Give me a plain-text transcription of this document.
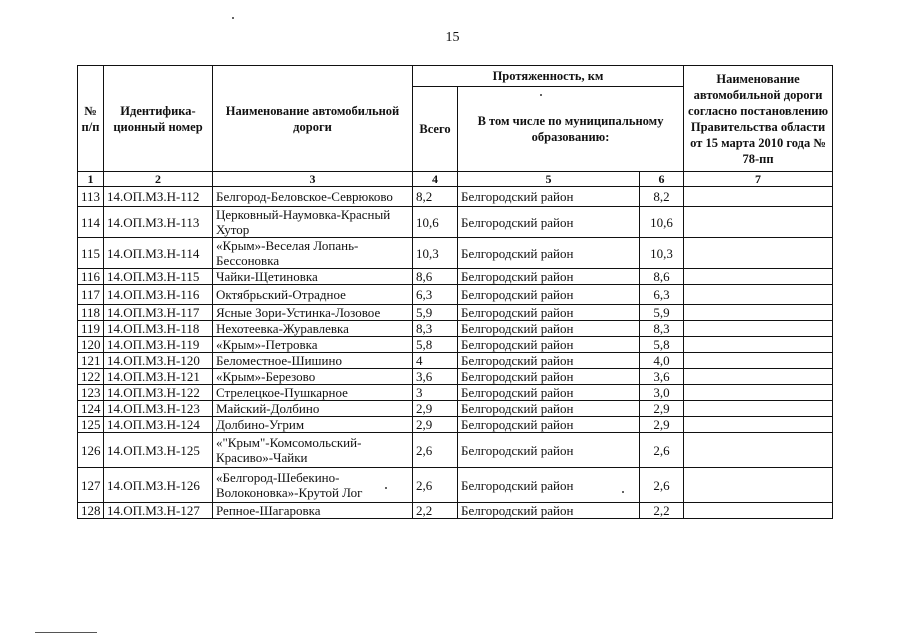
15
№ п/п	Идентифика-ционный номер	Наименование автомобильной дороги	Протяженность, км			Наименование автомобильной дороги согласно постановлению Правительства области от 15 марта 2010 года № 78-пп
			Всего	В том числе по муниципальному образованию:		
1	2	3	4	5	6	7
113	14.ОП.МЗ.Н-112	Белгород-Беловское-Севрюково	8,2	Белгородский район	8,2	
114	14.ОП.МЗ.Н-113	Церковный-Наумовка-Красный Хутор	10,6	Белгородский район	10,6	
115	14.ОП.МЗ.Н-114	«Крым»-Веселая Лопань-Бессоновка	10,3	Белгородский район	10,3	
116	14.ОП.МЗ.Н-115	Чайки-Щетиновка	8,6	Белгородский район	8,6	
117	14.ОП.МЗ.Н-116	Октябрьский-Отрадное	6,3	Белгородский район	6,3	
118	14.ОП.МЗ.Н-117	Ясные Зори-Устинка-Лозовое	5,9	Белгородский район	5,9	
119	14.ОП.МЗ.Н-118	Нехотеевка-Журавлевка	8,3	Белгородский район	8,3	
120	14.ОП.МЗ.Н-119	«Крым»-Петровка	5,8	Белгородский район	5,8	
121	14.ОП.МЗ.Н-120	Беломестное-Шишино	4	Белгородский район	4,0	
122	14.ОП.МЗ.Н-121	«Крым»-Березово	3,6	Белгородский район	3,6	
123	14.ОП.МЗ.Н-122	Стрелецкое-Пушкарное	3	Белгородский район	3,0	
124	14.ОП.МЗ.Н-123	Майский-Долбино	2,9	Белгородский район	2,9	
125	14.ОП.МЗ.Н-124	Долбино-Угрим	2,9	Белгородский район	2,9	
126	14.ОП.МЗ.Н-125	«"Крым"-Комсомольский-Красиво»-Чайки	2,6	Белгородский район	2,6	
127	14.ОП.МЗ.Н-126	«Белгород-Шебекино-Волоконовка»-Крутой Лог	2,6	Белгородский район	2,6	
128	14.ОП.МЗ.Н-127	Репное-Шагаровка	2,2	Белгородский район	2,2	
